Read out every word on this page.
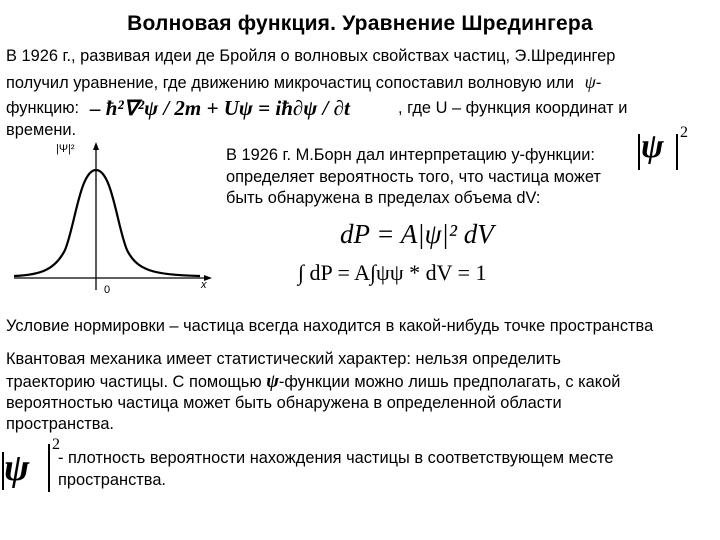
Волновая функция. Уравнение Шредингера
В 1926 г., развивая идеи де Бройля о волновых свойствах частиц, Э.Шредингер
получил уравнение, где движению микрочастиц сопоставил волновую или ψ-
функцию: – ħ²∇²ψ / 2m + Uψ = iħ∂ψ / ∂t	, где U – функция координат и
времени.
|Ψ|²
0	x
В 1926 г. М.Борн дал интерпретацию y-функции:
определяет вероятность того, что частица может
быть обнаружена в пределах объема dV:
ψ 2
dP = A|ψ|² dV
∫ dP = A∫ψψ * dV = 1
Условие нормировки – частица всегда находится в какой-нибудь точке пространства
Квантовая механика имеет статистический характер: нельзя определить
траекторию частицы. С помощью ψ-функции можно лишь предполагать, с какой
вероятностью частица может быть обнаружена в определенной области
пространства.
ψ
2
- плотность вероятности нахождения частицы в соответствующем месте
пространства.
